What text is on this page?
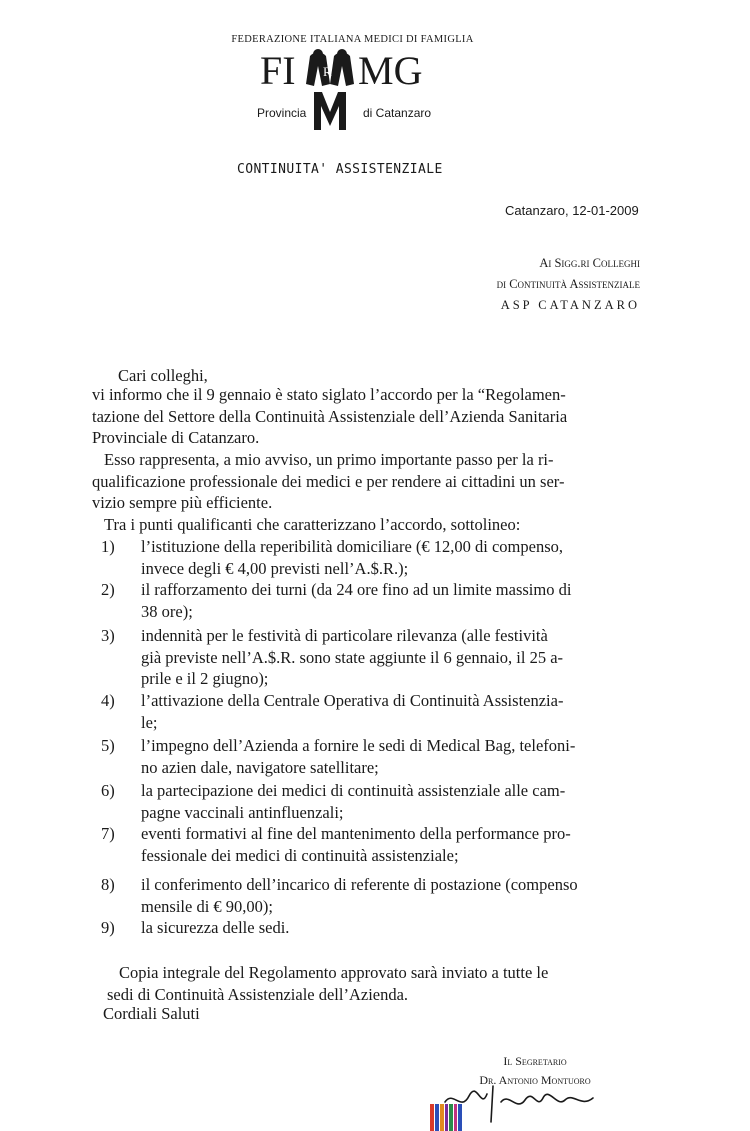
FEDERAZIONE ITALIANA MEDICI DI FAMIGLIA
FI R MG
Provincia	di Catanzaro
CONTINUITA' ASSISTENZIALE
Catanzaro, 12-01-2009
Ai Sigg.ri Colleghi
di Continuità Assistenziale
ASP CATANZARO
Cari colleghi,
vi informo che il 9 gennaio è stato siglato l’accordo per la “Regolamen-
tazione del Settore della Continuità Assistenziale dell’Azienda Sanitaria
Provinciale di Catanzaro.
Esso rappresenta, a mio avviso, un primo importante passo per la ri-
qualificazione professionale dei medici e per rendere ai cittadini un ser-
vizio sempre più efficiente.
Tra i punti qualificanti che caratterizzano l’accordo, sottolineo:
1) l’istituzione della reperibilità domiciliare (€ 12,00 di compenso,
invece degli € 4,00 previsti nell’A.$.R.);
2) il rafforzamento dei turni (da 24 ore fino ad un limite massimo di
38 ore);
3) indennità per le festività di particolare rilevanza (alle festività
già previste nell’A.$.R. sono state aggiunte il 6 gennaio, il 25 a-
prile e il 2 giugno);
4) l’attivazione della Centrale Operativa di Continuità Assistenzia-
le;
5) l’impegno dell’Azienda a fornire le sedi di Medical Bag, telefoni-
no azien dale, navigatore satellitare;
6) la partecipazione dei medici di continuità assistenziale alle cam-
pagne vaccinali antinfluenzali;
7) eventi formativi al fine del mantenimento della performance pro-
fessionale dei medici di continuità assistenziale;
8) il conferimento dell’incarico di referente di postazione (compenso
mensile di € 90,00);
9) la sicurezza delle sedi.
Copia integrale del Regolamento approvato sarà inviato a tutte le
sedi di Continuità Assistenziale dell’Azienda.
Cordiali Saluti
Il Segretario
Dr. Antonio Montuoro
